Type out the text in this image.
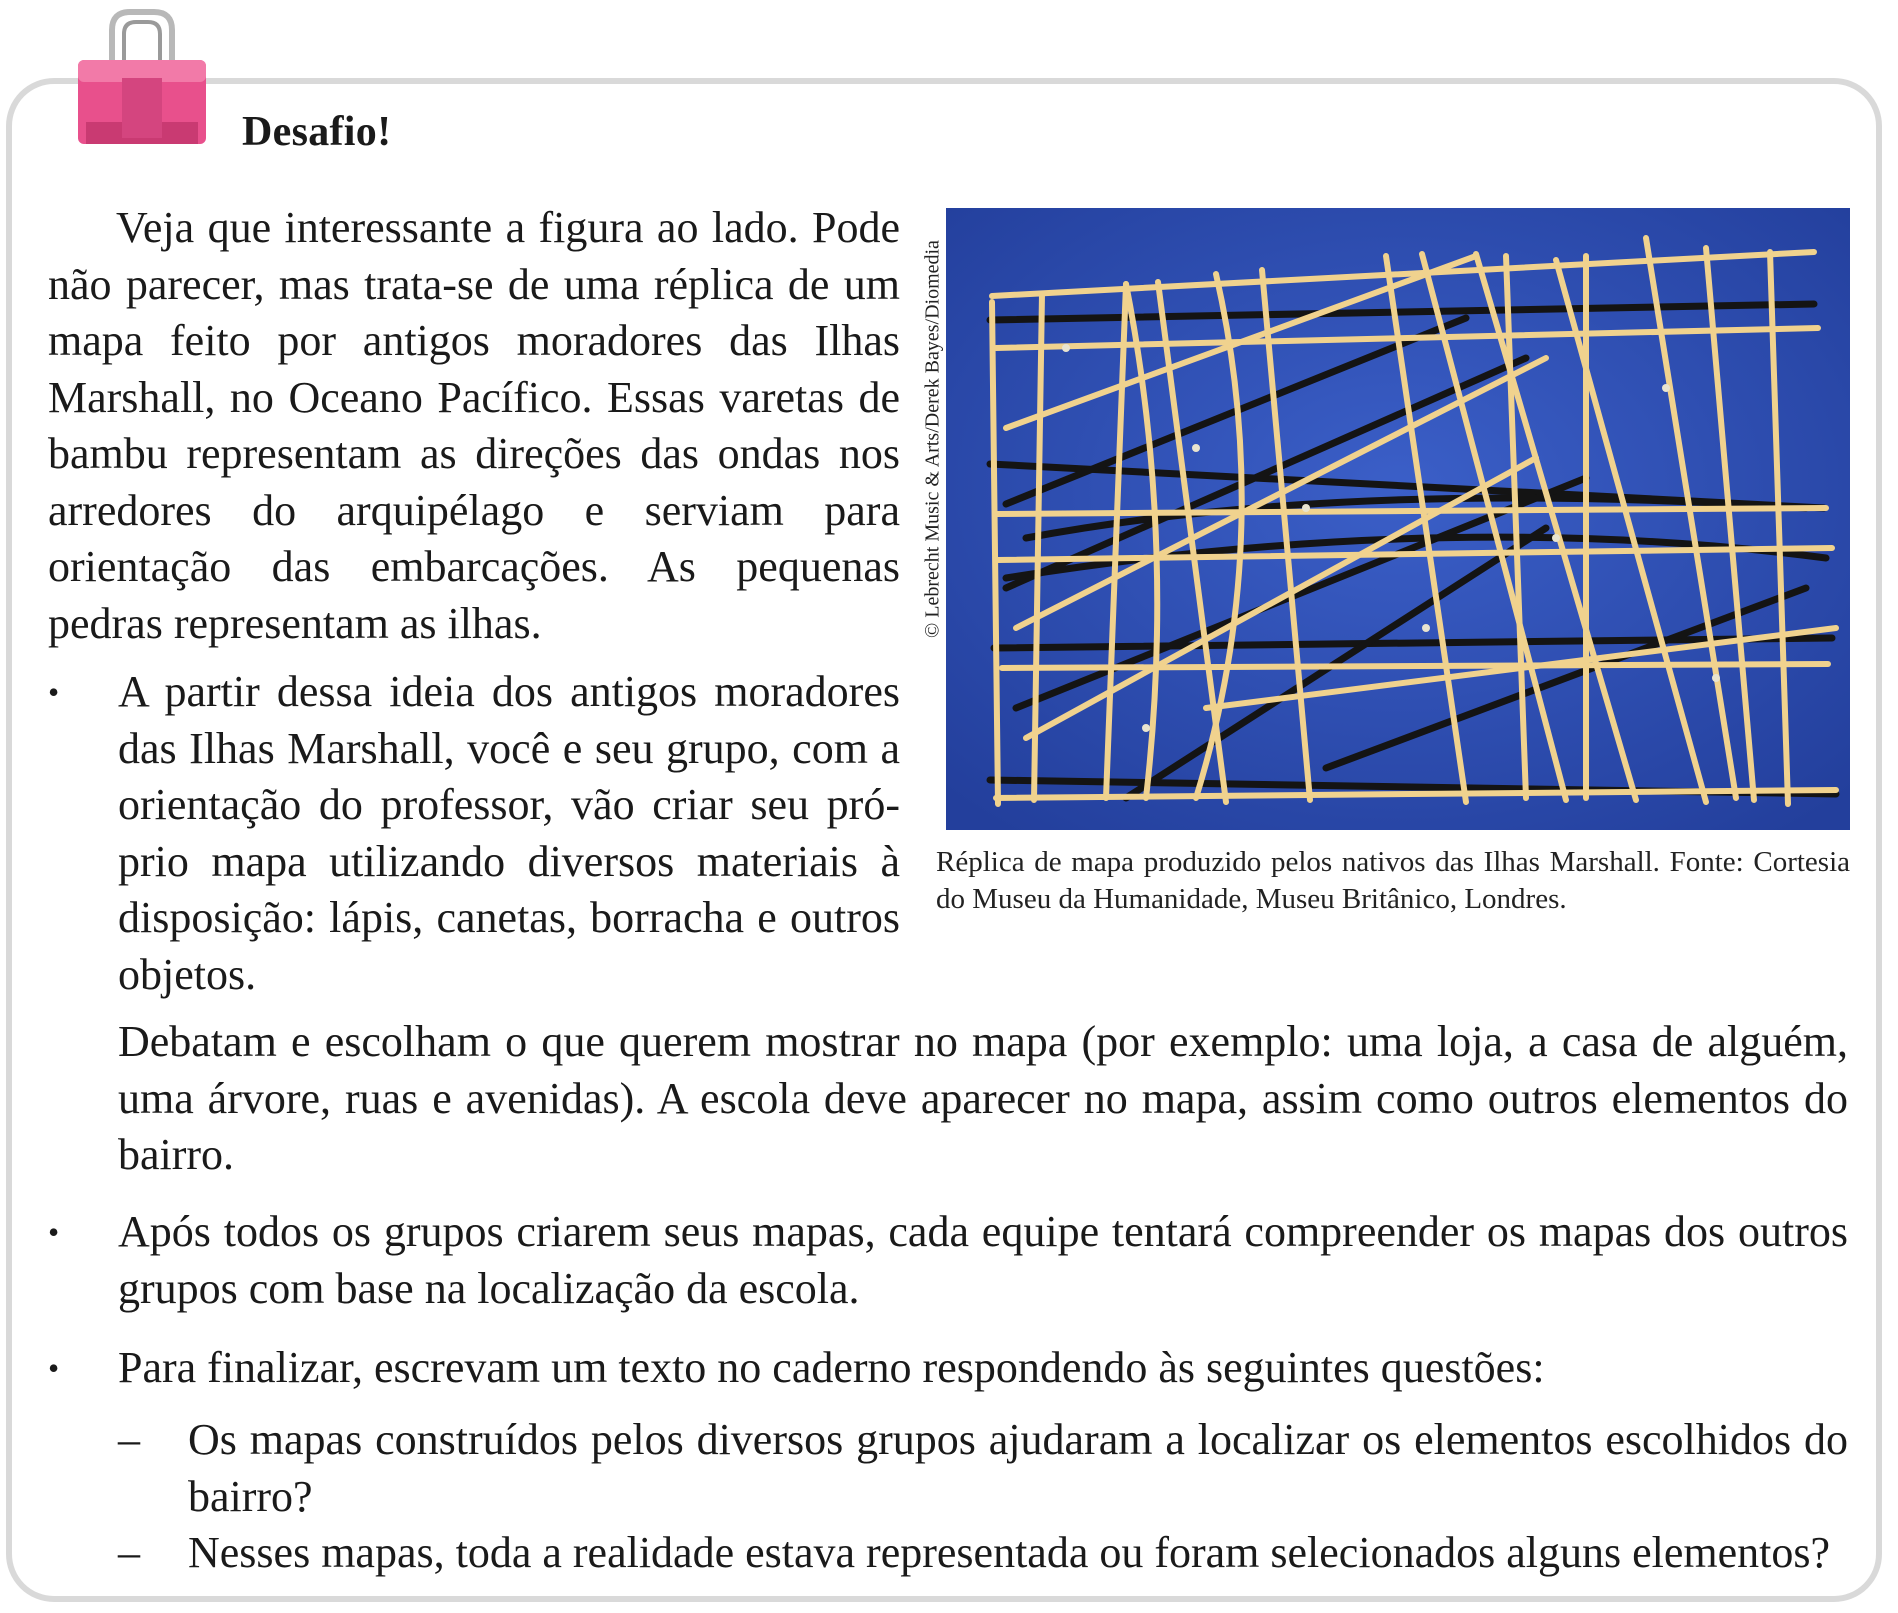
Desafio!
Veja que interessante a figura ao lado. Pode não parecer, mas trata-se de uma réplica de um mapa feito por antigos moradores das Ilhas Marshall, no Oceano Pacífico. Essas varetas de bambu representam as direções das ondas nos arredores do arquipélago e serviam para orientação das embarcações. As pequenas pedras representam as ilhas.
•	A partir dessa ideia dos antigos moradores das Ilhas Marshall, você e seu grupo, com a orientação do professor, vão criar seu próprio mapa utilizando diversos materiais à disposição: lápis, canetas, borracha e outros objetos.
Debatam e escolham o que querem mostrar no mapa (por exemplo: uma loja, a casa de alguém, uma árvore, ruas e avenidas). A escola deve aparecer no mapa, assim como outros elementos do bairro.
•	Após todos os grupos criarem seus mapas, cada equipe tentará compreender os mapas dos outros grupos com base na localização da escola.
•	Para finalizar, escrevam um texto no caderno respondendo às seguintes questões:
–	Os mapas construídos pelos diversos grupos ajudaram a localizar os elementos escolhidos do bairro?
–	Nesses mapas, toda a realidade estava representada ou foram selecionados alguns elementos?
© Lebrecht Music & Arts/Derek Bayes/Diomedia
Réplica de mapa produzido pelos nativos das Ilhas Marshall. Fonte: Cortesia do Museu da Humanidade, Museu Britânico, Londres.
